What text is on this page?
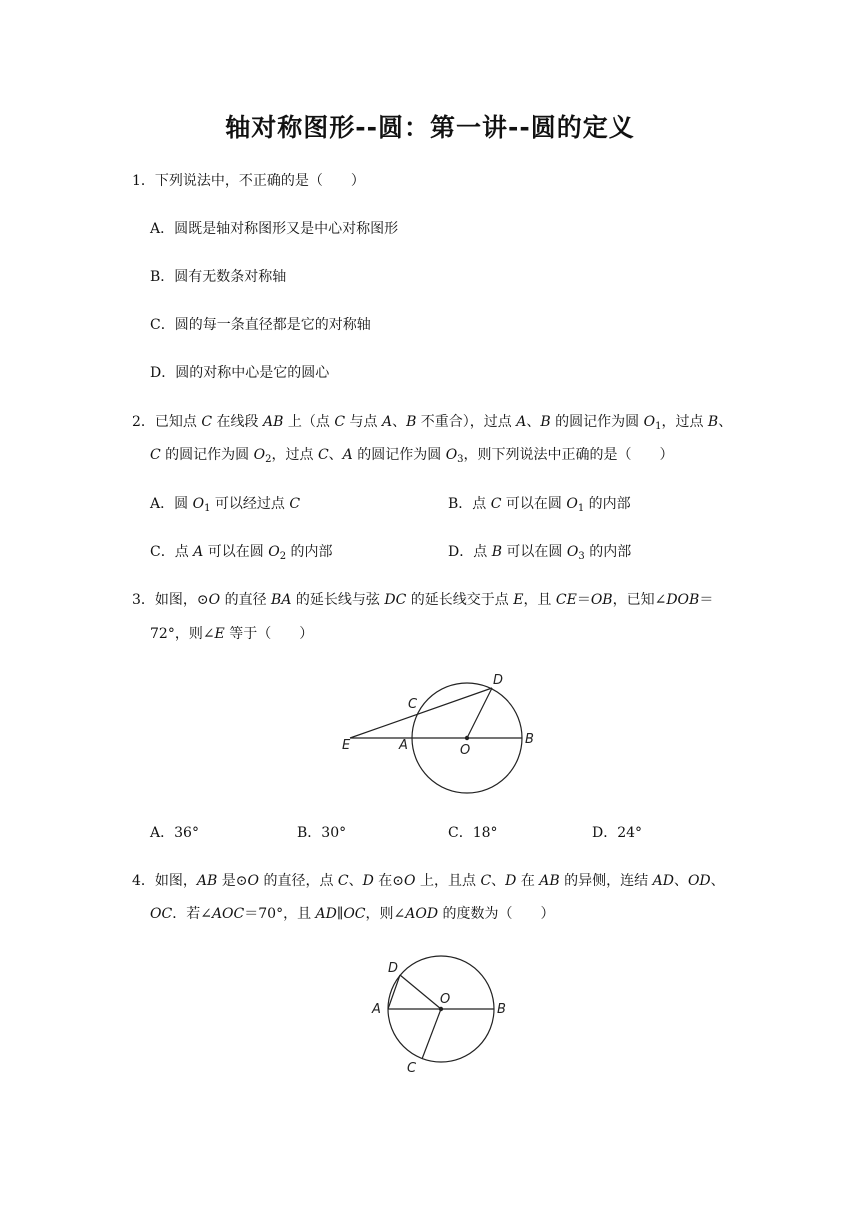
轴对称图形--圆：第一讲--圆的定义
1．下列说法中，不正确的是（　　）
A．圆既是轴对称图形又是中心对称图形
B．圆有无数条对称轴
C．圆的每一条直径都是它的对称轴
D．圆的对称中心是它的圆心
2．已知点 C 在线段 AB 上（点 C 与点 A、B 不重合），过点 A、B 的圆记作为圆 $O_1$，过点 B、
C 的圆记作为圆 $O_2$，过点 C、A 的圆记作为圆 $O_3$，则下列说法中正确的是（　　）
A．圆 $O_1$ 可以经过点 C	B．点 C 可以在圆 $O_1$ 的内部
C．点 A 可以在圆 $O_2$ 的内部	D．点 B 可以在圆 $O_3$ 的内部
3．如图，⊙O 的直径 BA 的延长线与弦 DC 的延长线交于点 E，且 CE＝OB，已知∠DOB＝
72°，则∠E 等于（　　）
C
D
E	A	O
B
A．36°	B．30°	C．18°	D．24°
4．如图，AB 是⊙O 的直径，点 C、D 在⊙O 上，且点 C、D 在 AB 的异侧，连结 AD、OD、
OC．若∠AOC＝70°，且 AD∥OC，则∠AOD 的度数为（　　）
D
O
A	B
C
